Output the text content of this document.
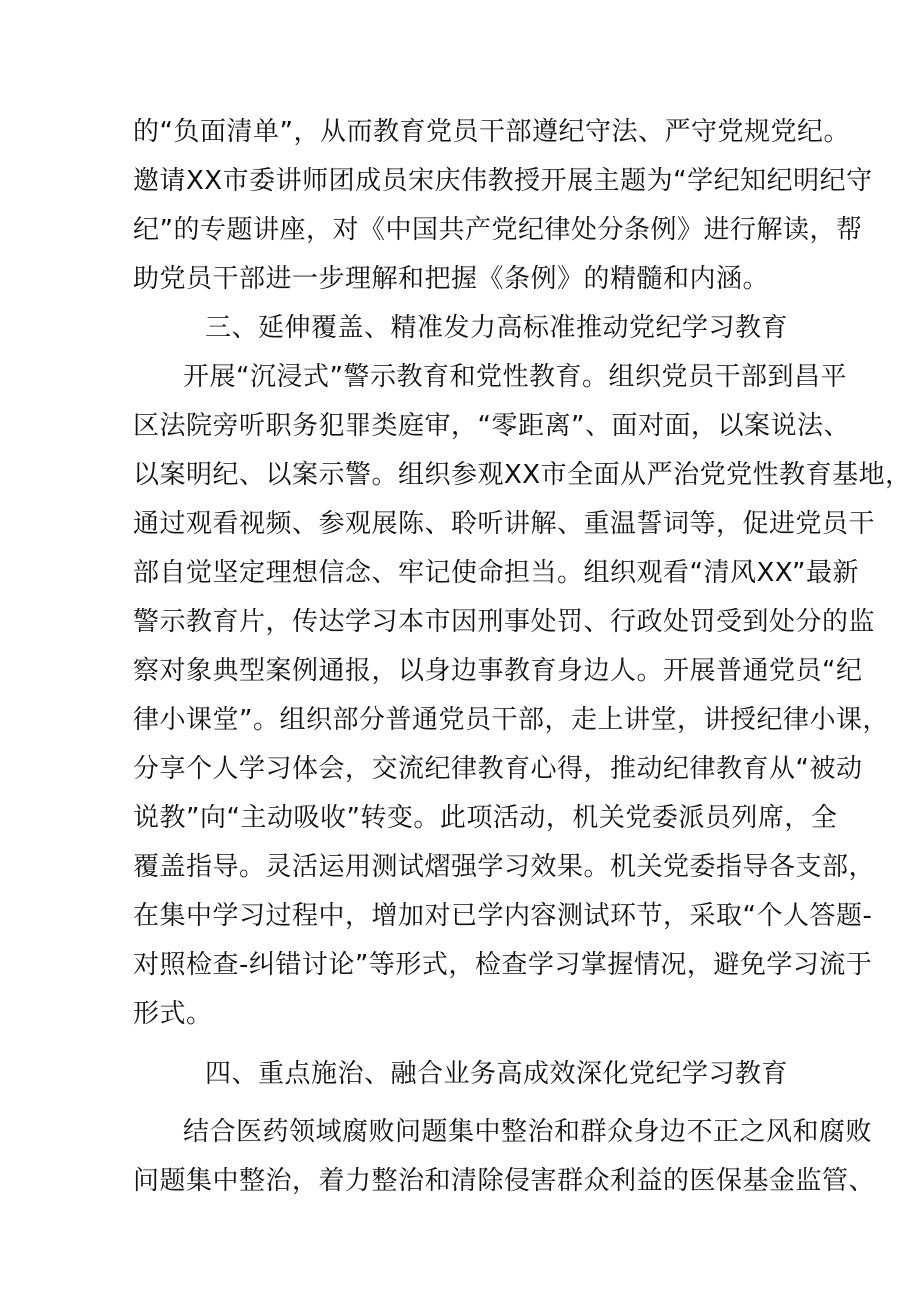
的“负面清单”，从而教育党员干部遵纪守法、严守党规党纪。
邀请XX市委讲师团成员宋庆伟教授开展主题为“学纪知纪明纪守
纪”的专题讲座，对《中国共产党纪律处分条例》进行解读，帮
助党员干部进一步理解和把握《条例》的精髓和内涵。
三、延伸覆盖、精准发力高标准推动党纪学习教育
开展“沉浸式”警示教育和党性教育。组织党员干部到昌平
区法院旁听职务犯罪类庭审，“零距离”、面对面，以案说法、
以案明纪、以案示警。组织参观XX市全面从严治党党性教育基地，
通过观看视频、参观展陈、聆听讲解、重温誓词等，促进党员干
部自觉坚定理想信念、牢记使命担当。组织观看“清风XX”最新
警示教育片，传达学习本市因刑事处罚、行政处罚受到处分的监
察对象典型案例通报，以身边事教育身边人。开展普通党员“纪
律小课堂”。组织部分普通党员干部，走上讲堂，讲授纪律小课，
分享个人学习体会，交流纪律教育心得，推动纪律教育从“被动
说教”向“主动吸收”转变。此项活动，机关党委派员列席，全
覆盖指导。灵活运用测试熠强学习效果。机关党委指导各支部，
在集中学习过程中，增加对已学内容测试环节，采取“个人答题-
对照检查-纠错讨论”等形式，检查学习掌握情况，避免学习流于
形式。
四、重点施治、融合业务高成效深化党纪学习教育
结合医药领域腐败问题集中整治和群众身边不正之风和腐败
问题集中整治，着力整治和清除侵害群众利益的医保基金监管、
